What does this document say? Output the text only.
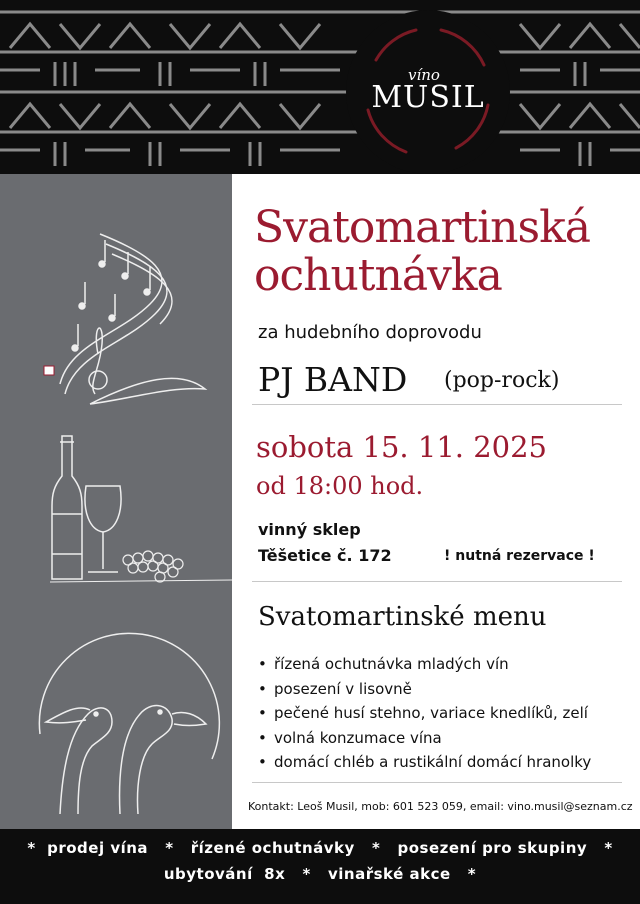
víno
MUSIL
Svatomartinská
ochutnávka
za hudebního doprovodu
PJ BAND (pop-rock)
sobota 15. 11. 2025
od 18:00 hod.
vinný sklep
Těšetice č. 172	! nutná rezervace !
Svatomartinské menu
• řízená ochutnávka mladých vín
• posezení v lisovně
• pečené husí stehno, variace knedlíků, zelí
• volná konzumace vína
• domácí chléb a rustikální domácí hranolky
Kontakt: Leoš Musil, mob: 601 523 059, email: vino.musil@seznam.cz
*  prodej vína   *   řízené ochutnávky   *   posezení pro skupiny   *
ubytování  8x   *   vinařské akce   *
